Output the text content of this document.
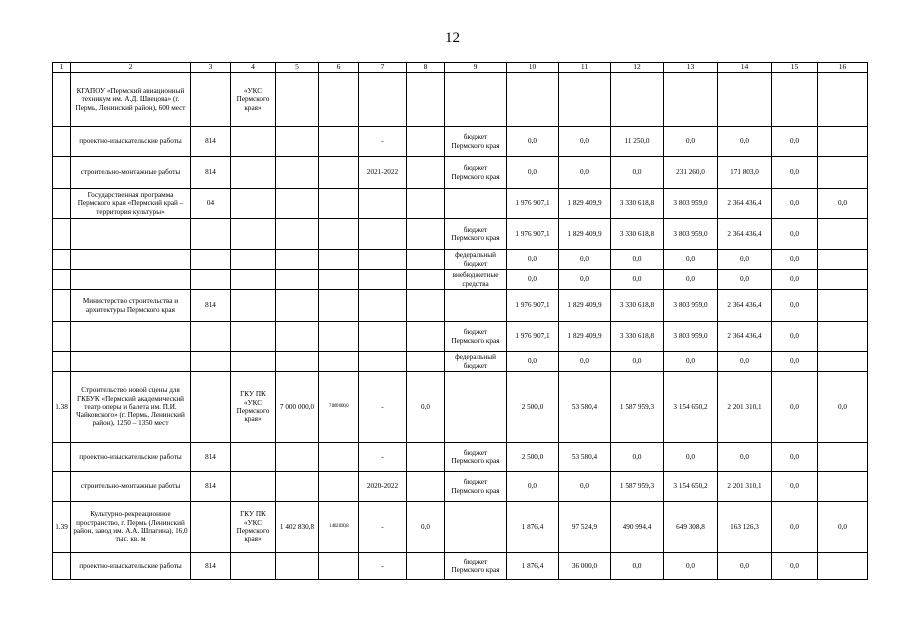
12
1	2	3	4	5	6	7	8	9	10	11	12	13	14	15	16
	КГАПОУ «Пермский авиационный техникум им. А.Д. Швецова» (г. Пермь, Ленинский район), 600 мест		«УКС Пермского края»												
	проектно-изыскательские работы	814				-		бюджет Пермского края	0,0	0,0	11 250,0	0,0	0,0	0,0	
	строительно-монтажные работы	814				2021-2022		бюджет Пермского края	0,0	0,0	0,0	231 260,0	171 803,0	0,0	
	Государственная программа Пермского края «Пермский край – территория культуры»	04							1 976 907,1	1 829 409,9	3 330 618,8	3 803 959,0	2 364 436,4	0,0	0,0
								бюджет Пермского края	1 976 907,1	1 829 409,9	3 330 618,8	3 803 959,0	2 364 436,4	0,0	
								федеральный бюджет	0,0	0,0	0,0	0,0	0,0	0,0	
								внебюджетные средства	0,0	0,0	0,0	0,0	0,0	0,0	
	Министерство строительства и архитектуры Пермского края	814							1 976 907,1	1 829 409,9	3 330 618,8	3 803 959,0	2 364 436,4	0,0	
								бюджет Пермского края	1 976 907,1	1 829 409,9	3 330 618,8	3 803 959,0	2 364 436,4	0,0	
								федеральный бюджет	0,0	0,0	0,0	0,0	0,0	0,0	
1.38	Строительство новой сцены для ГКБУК «Пермский академический театр оперы и балета им. П.И. Чайковского» (г. Пермь, Ленинский район), 1250 – 1350 мест		ГКУ ПК «УКС Пермского края»	7 000 000,0	7 000 000,0	-	0,0		2 500,0	53 580,4	1 587 959,3	3 154 650,2	2 201 310,1	0,0	0,0
	проектно-изыскательские работы	814				-		бюджет Пермского края	2 500,0	53 580,4	0,0	0,0	0,0	0,0	
	строительно-монтажные работы	814				2020-2022		бюджет Пермского края	0,0	0,0	1 587 959,3	3 154 650,2	2 201 310,1	0,0	
1.39	Культурно-рекреационное пространство, г. Пермь (Ленинский район, завод им. А.А. Шпагина), 16,0 тыс. кв. м		ГКУ ПК «УКС Пермского края»	1 402 830,8	1 402 830,8	-	0,0		1 876,4	97 524,9	490 994,4	649 308,8	163 126,3	0,0	0,0
	проектно-изыскательские работы	814				-		бюджет Пермского края	1 876,4	36 000,0	0,0	0,0	0,0	0,0	
